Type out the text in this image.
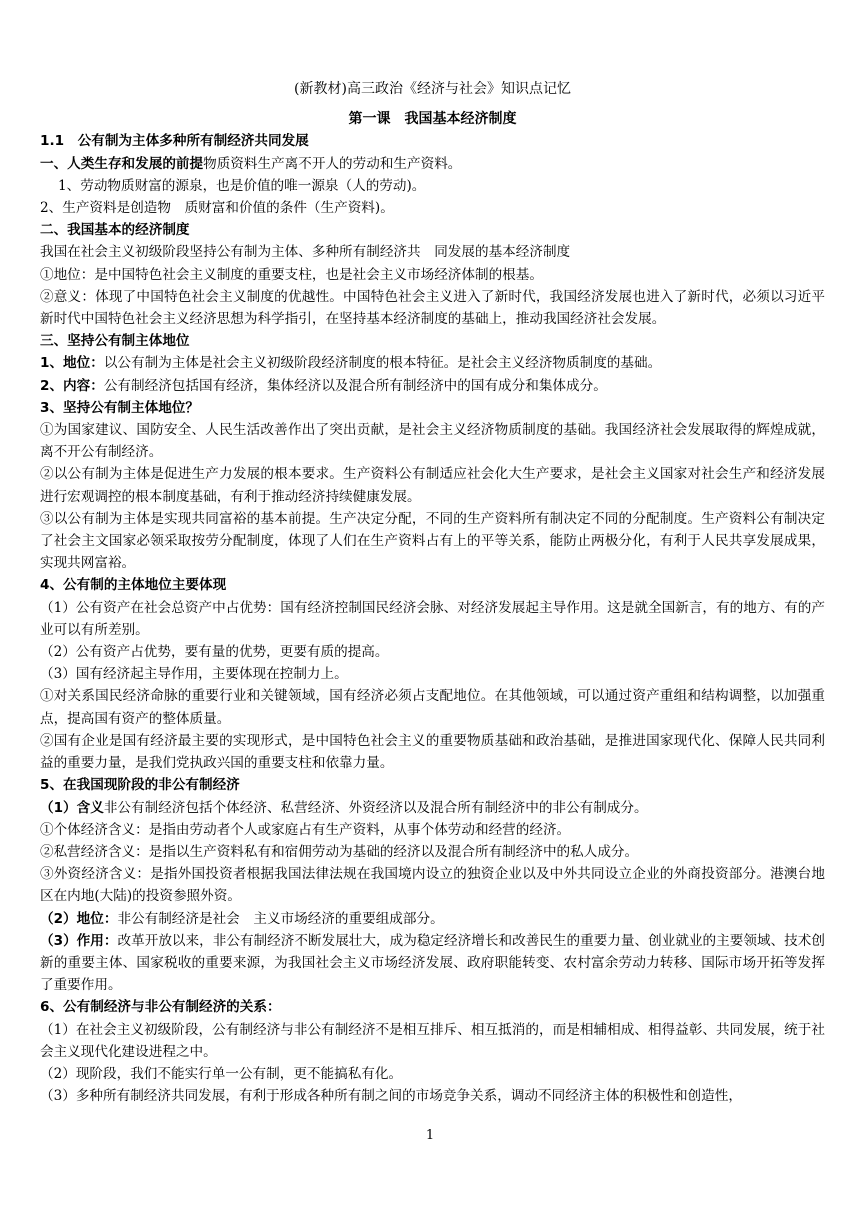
(新教材)高三政治《经济与社会》知识点记忆
第一课　我国基本经济制度
1.1　公有制为主体多种所有制经济共同发展
一、人类生存和发展的前提物质资料生产离不开人的劳动和生产资料。
1、劳动物质财富的源泉，也是价值的唯一源泉（人的劳动)。
2、生产资料是创造物　质财富和价值的条件（生产资料)。
二、我国基本的经济制度
我国在社会主义初级阶段坚持公有制为主体、多种所有制经济共　同发展的基本经济制度
①地位：是中国特色社会主义制度的重要支柱，也是社会主义市场经济体制的根基。
②意义：体现了中国特色社会主义制度的优越性。中国特色社会主义进入了新时代，我国经济发展也进入了新时代，必须以习近平新时代中国特色社会主义经济思想为科学指引，在坚持基本经济制度的基础上，推动我国经济社会发展。
三、坚持公有制主体地位
1、地位：以公有制为主体是社会主义初级阶段经济制度的根本特征。是社会主义经济物质制度的基础。
2、内容：公有制经济包括国有经济，集体经济以及混合所有制经济中的国有成分和集体成分。
3、坚持公有制主体地位？
①为国家建议、国防安全、人民生活改善作出了突出贡献，是社会主义经济物质制度的基础。我国经济社会发展取得的辉煌成就，离不开公有制经济。
②以公有制为主体是促进生产力发展的根本要求。生产资料公有制适应社会化大生产要求，是社会主义国家对社会生产和经济发展进行宏观调控的根本制度基础，有利于推动经济持续健康发展。
③以公有制为主体是实现共同富裕的基本前提。生产决定分配，不同的生产资料所有制决定不同的分配制度。生产资料公有制决定了社会主文国家必领采取按劳分配制度，体现了人们在生产资料占有上的平等关系，能防止两极分化，有利于人民共享发展成果，实现共网富裕。
4、公有制的主体地位主要体现
（1）公有资产在社会总资产中占优势：国有经济控制国民经济会脉、对经济发展起主导作用。这是就全国新言，有的地方、有的产业可以有所差别。
（2）公有资产占优势，要有量的优势，更要有质的提高。
（3）国有经济起主导作用，主要体现在控制力上。
①对关系国民经济命脉的重要行业和关键领域，国有经济必须占支配地位。在其他领域，可以通过资产重组和结构调整，以加强重点，提高国有资产的整体质量。
②国有企业是国有经济最主要的实现形式，是中国特色社会主义的重要物质基础和政治基础，是推进国家现代化、保障人民共同利益的重要力量，是我们党执政兴国的重要支柱和依靠力量。
5、在我国现阶段的非公有制经济
（1）含义非公有制经济包括个体经济、私营经济、外资经济以及混合所有制经济中的非公有制成分。
①个体经济含义：是指由劳动者个人或家庭占有生产资料，从事个体劳动和经营的经济。
②私营经济含义：是指以生产资料私有和宿佣劳动为基础的经济以及混合所有制经济中的私人成分。
③外资经济含义：是指外国投资者根据我国法律法规在我国境内设立的独资企业以及中外共同设立企业的外商投资部分。港澳台地区在内地(大陆)的投资参照外资。
（2）地位：非公有制经济是社会　主义市场经济的重要组成部分。
（3）作用：改革开放以来，非公有制经济不断发展壮大，成为稳定经济增长和改善民生的重要力量、创业就业的主要领域、技术创新的重要主体、国家税收的重要来源，为我国社会主义市场经济发展、政府职能转变、农村富余劳动力转移、国际市场开拓等发挥了重要作用。
6、公有制经济与非公有制经济的关系：
（1）在社会主义初级阶段，公有制经济与非公有制经济不是相互排斥、相互抵消的，而是相辅相成、相得益彰、共同发展，统于社会主义现代化建设进程之中。
（2）现阶段，我们不能实行单一公有制，更不能搞私有化。
（3）多种所有制经济共同发展，有利于形成各种所有制之间的市场竞争关系，调动不同经济主体的积极性和创造性，
1
